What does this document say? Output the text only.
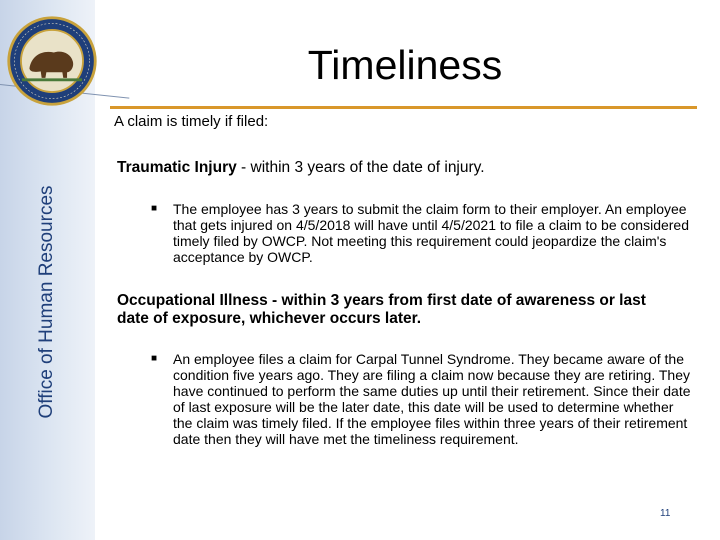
Office of Human Resources
Timeliness
A claim is timely if filed:
Traumatic Injury - within 3 years of the date of injury.
■ The employee has 3 years to submit the claim form to their employer. An employee that gets injured on 4/5/2018 will have until 4/5/2021 to file a claim to be considered timely filed by OWCP. Not meeting this requirement could jeopardize the claim's acceptance by OWCP.
Occupational Illness - within 3 years from first date of awareness or last date of exposure, whichever occurs later.
■ An employee files a claim for Carpal Tunnel Syndrome. They became aware of the condition five years ago. They are filing a claim now because they are retiring. They have continued to perform the same duties up until their retirement. Since their date of last exposure will be the later date, this date will be used to determine whether the claim was timely filed. If the employee files within three years of their retirement date then they will have met the timeliness requirement.
11
